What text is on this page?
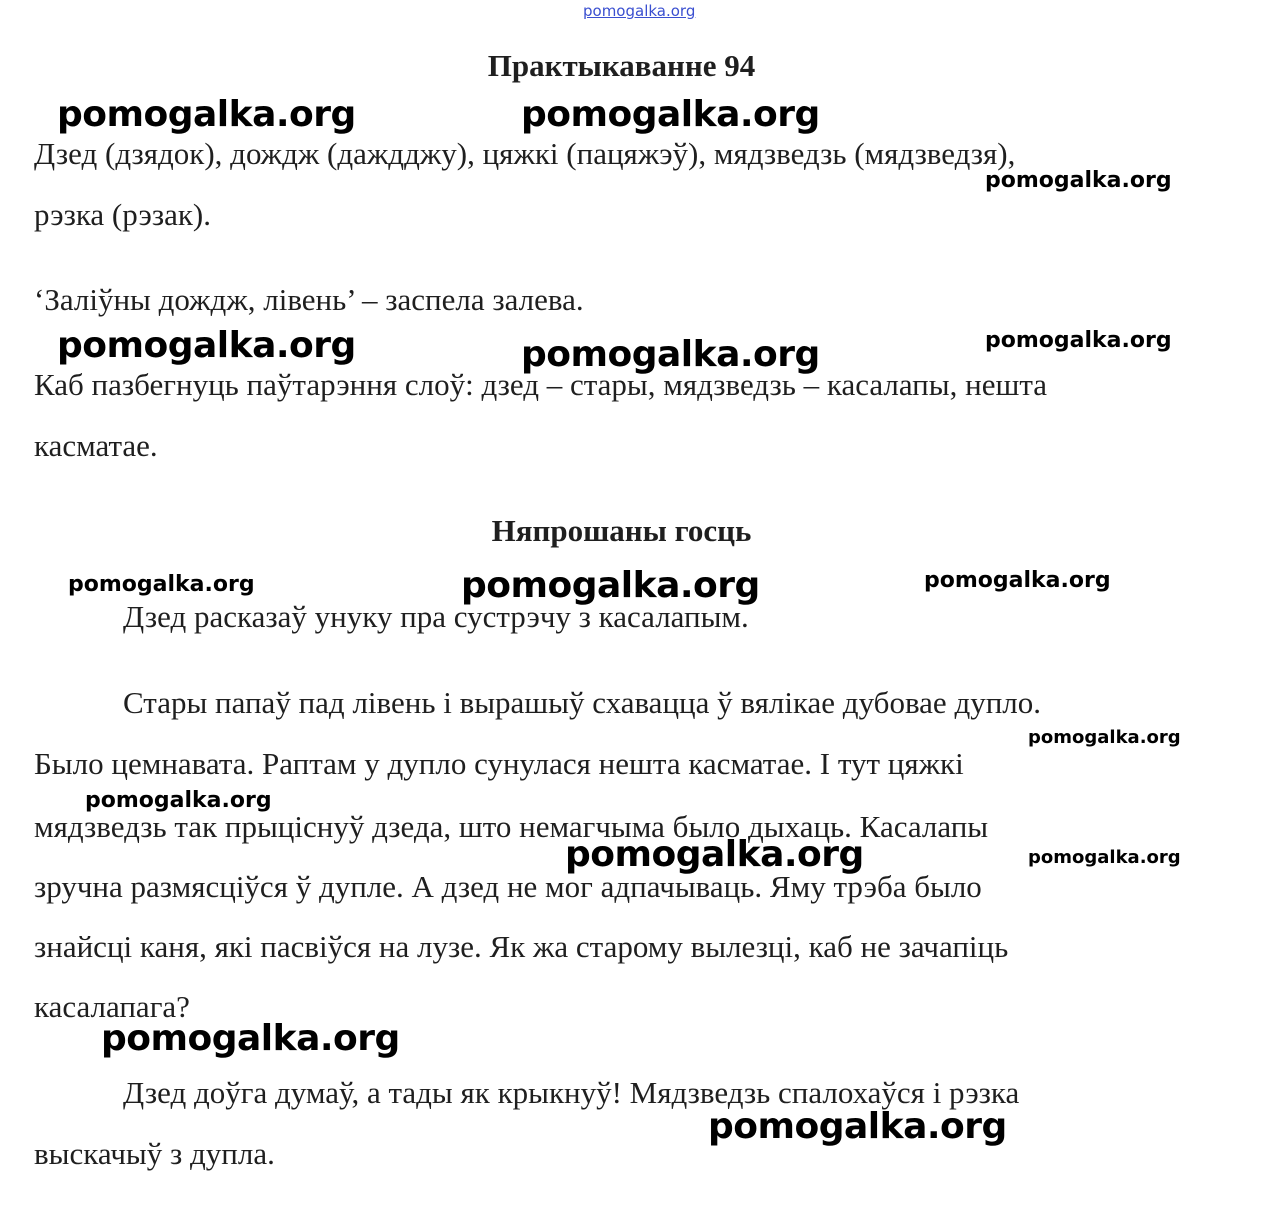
pomogalka.org
Практыкаванне 94
Дзед (дзядок), дождж (даждджу), цяжкі (пацяжэў), мядзведзь (мядзведзя),
рэзка (рэзак).
‘Заліўны дождж, лівень’ – заспела залева.
Каб пазбегнуць паўтарэння слоў: дзед – стары, мядзведзь – касалапы, нешта
касматае.
Няпрошаны госць
Дзед расказаў унуку пра сустрэчу з касалапым.
Стары папаў пад лівень і вырашыў схавацца ў вялікае дубовае дупло.
Было цемнавата. Раптам у дупло сунулася нешта касматае. І тут цяжкі
мядзведзь так прыціснуў дзеда, што немагчыма было дыхаць. Касалапы
зручна размясціўся ў дупле. А дзед не мог адпачываць. Яму трэба было
знайсці каня, які пасвіўся на лузе. Як жа старому вылезці, каб не зачапіць
касалапага?
Дзед доўга думаў, а тады як крыкнуў! Мядзведзь спалохаўся і рэзка
выскачыў з дупла.
pomogalka.org	pomogalka.org
pomogalka.org
pomogalka.org	pomogalka.org	pomogalka.org
pomogalka.org	pomogalka.org	pomogalka.org
pomogalka.org
pomogalka.org
pomogalka.org	pomogalka.org
pomogalka.org
pomogalka.org
